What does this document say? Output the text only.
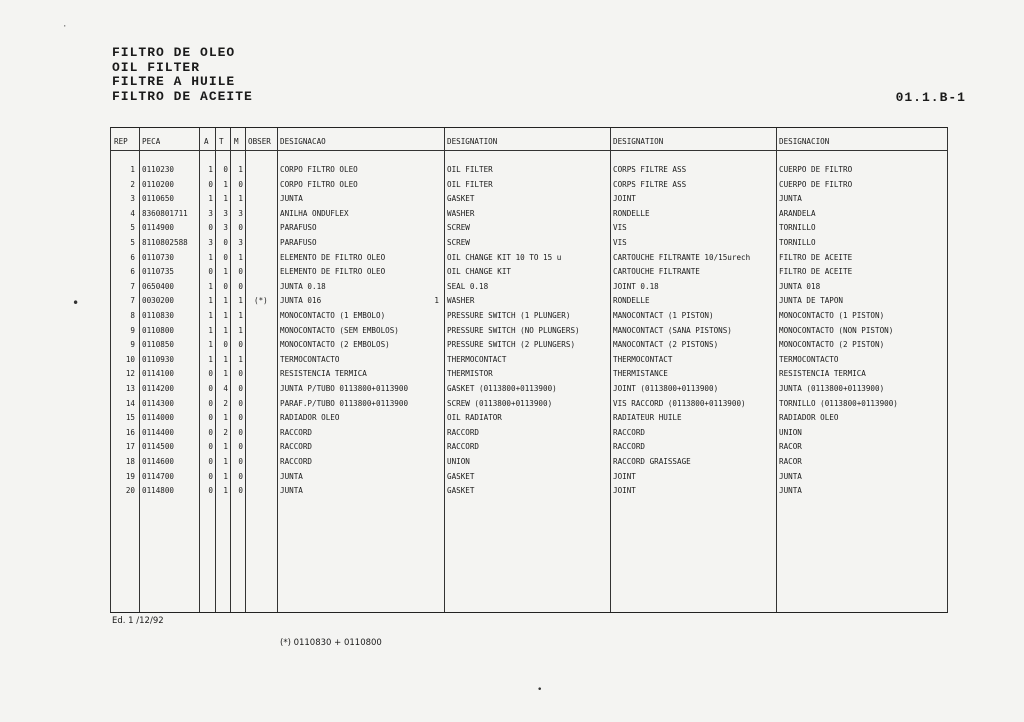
FILTRO DE OLEO
OIL FILTER
FILTRE A HUILE
FILTRO DE ACEITE	01.1.B-1
REP PECA	A T M OBSER DESIGNACAO	DESIGNATION	DESIGNATION	DESIGNACION
1 0110230	1	0	1	CORPO FILTRO OLEO	OIL FILTER	CORPS FILTRE ASS	CUERPO DE FILTRO
2 0110200	0	1	0	CORPO FILTRO OLEO	OIL FILTER	CORPS FILTRE ASS	CUERPO DE FILTRO
3 0110650	1	1	1	JUNTA	GASKET	JOINT	JUNTA
4 8360801711	3	3	3	ANILHA ONDUFLEX	WASHER	RONDELLE	ARANDELA
5 0114900	0	3	0	PARAFUSO	SCREW	VIS	TORNILLO
5 8110802588	3	0	3	PARAFUSO	SCREW	VIS	TORNILLO
6 0110730	1	0	1	ELEMENTO DE FILTRO OLEO	OIL CHANGE KIT 10 TO 15 u	CARTOUCHE FILTRANTE 10/15urech	FILTRO DE ACEITE
6 0110735	0	1	0	ELEMENTO DE FILTRO OLEO	OIL CHANGE KIT	CARTOUCHE FILTRANTE	FILTRO DE ACEITE
7 0650400	1	0	0	JUNTA 0.18	SEAL 0.18	JOINT 0.18	JUNTA 018
7 0030200	1	1	1 (*)	JUNTA 016	WASHER	RONDELLE	JUNTA DE TAPON
1
8 0110830	1	1	1	MONOCONTACTO (1 EMBOLO)	PRESSURE SWITCH (1 PLUNGER)	MANOCONTACT (1 PISTON)	MONOCONTACTO (1 PISTON)
9 0110800	1	1	1	MONOCONTACTO (SEM EMBOLOS)	PRESSURE SWITCH (NO PLUNGERS)	MANOCONTACT (SANA PISTONS)	MONOCONTACTO (NON PISTON)
9 0110850	1	0	0	MONOCONTACTO (2 EMBOLOS)	PRESSURE SWITCH (2 PLUNGERS)	MANOCONTACT (2 PISTONS)	MONOCONTACTO (2 PISTON)
10 0110930	1	1	1	TERMOCONTACTO	THERMOCONTACT	THERMOCONTACT	TERMOCONTACTO
12 0114100	0	1	0	RESISTENCIA TERMICA	THERMISTOR	THERMISTANCE	RESISTENCIA TERMICA
13 0114200	0	4	0	JUNTA P/TUBO 0113800+0113900	GASKET (0113800+0113900)	JOINT (0113800+0113900)	JUNTA (0113800+0113900)
14 0114300	0	2	0	PARAF.P/TUBO 0113800+0113900	SCREW (0113800+0113900)	VIS RACCORD (0113800+0113900)	TORNILLO (0113800+0113900)
15 0114000	0	1	0	RADIADOR OLEO	OIL RADIATOR	RADIATEUR HUILE	RADIADOR OLEO
16 0114400	0	2	0	RACCORD	RACCORD	RACCORD	UNION
17 0114500	0	1	0	RACCORD	RACCORD	RACCORD	RACOR
18 0114600	0	1	0	RACCORD	UNION	RACCORD GRAISSAGE	RACOR
19 0114700	0	1	0	JUNTA	GASKET	JOINT	JUNTA
20 0114800	0	1	0	JUNTA	GASKET	JOINT	JUNTA
Ed. 1 /12/92
(*) 0110830 + 0110800
·
•
•
